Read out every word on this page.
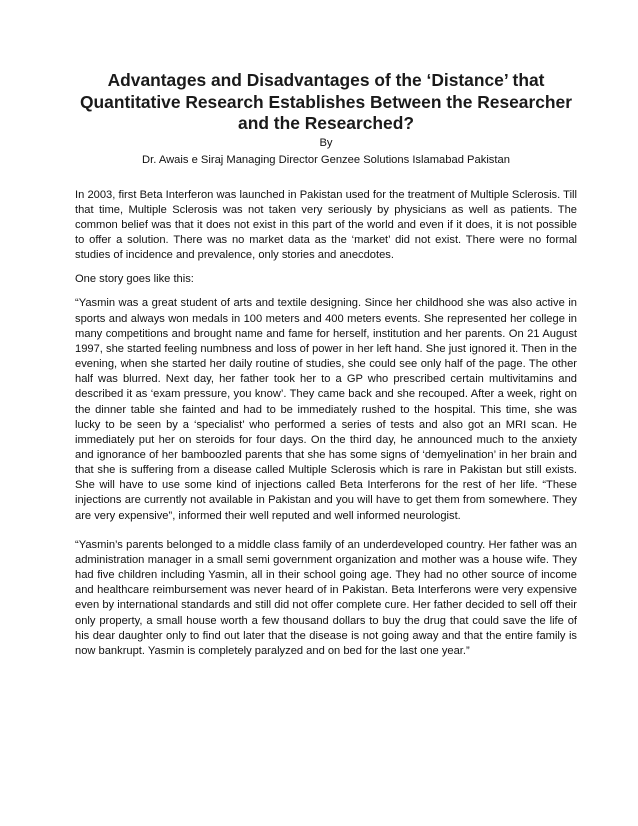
Advantages and Disadvantages of the ‘Distance’ that Quantitative Research Establishes Between the Researcher and the Researched?
By
Dr. Awais e Siraj Managing Director Genzee Solutions Islamabad Pakistan

In 2003, first Beta Interferon was launched in Pakistan used for the treatment of Multiple Sclerosis. Till that time, Multiple Sclerosis was not taken very seriously by physicians as well as patients. The common belief was that it does not exist in this part of the world and even if it does, it is not possible to offer a solution. There was no market data as the ‘market’ did not exist. There were no formal studies of incidence and prevalence, only stories and anecdotes.

One story goes like this:

“Yasmin was a great student of arts and textile designing. Since her childhood she was also active in sports and always won medals in 100 meters and 400 meters events. She represented her college in many competitions and brought name and fame for herself, institution and her parents. On 21 August 1997, she started feeling numbness and loss of power in her left hand. She just ignored it. Then in the evening, when she started her daily routine of studies, she could see only half of the page. The other half was blurred. Next day, her father took her to a GP who prescribed certain multivitamins and described it as ‘exam pressure, you know’. They came back and she recouped. After a week, right on the dinner table she fainted and had to be immediately rushed to the hospital. This time, she was lucky to be seen by a ‘specialist’ who performed a series of tests and also got an MRI scan. He immediately put her on steroids for four days. On the third day, he announced much to the anxiety and ignorance of her bamboozled parents that she has some signs of ‘demyelination’ in her brain and that she is suffering from a disease called Multiple Sclerosis which is rare in Pakistan but still exists. She will have to use some kind of injections called Beta Interferons for the rest of her life. “These injections are currently not available in Pakistan and you will have to get them from somewhere. They are very expensive”, informed their well reputed and well informed neurologist.

“Yasmin’s parents belonged to a middle class family of an underdeveloped country. Her father was an administration manager in a small semi government organization and mother was a house wife. They had five children including Yasmin, all in their school going age. They had no other source of income and healthcare reimbursement was never heard of in Pakistan. Beta Interferons were very expensive even by international standards and still did not offer complete cure. Her father decided to sell off their only property, a small house worth a few thousand dollars to buy the drug that could save the life of his dear daughter only to find out later that the disease is not going away and that the entire family is now bankrupt. Yasmin is completely paralyzed and on bed for the last one year.”
